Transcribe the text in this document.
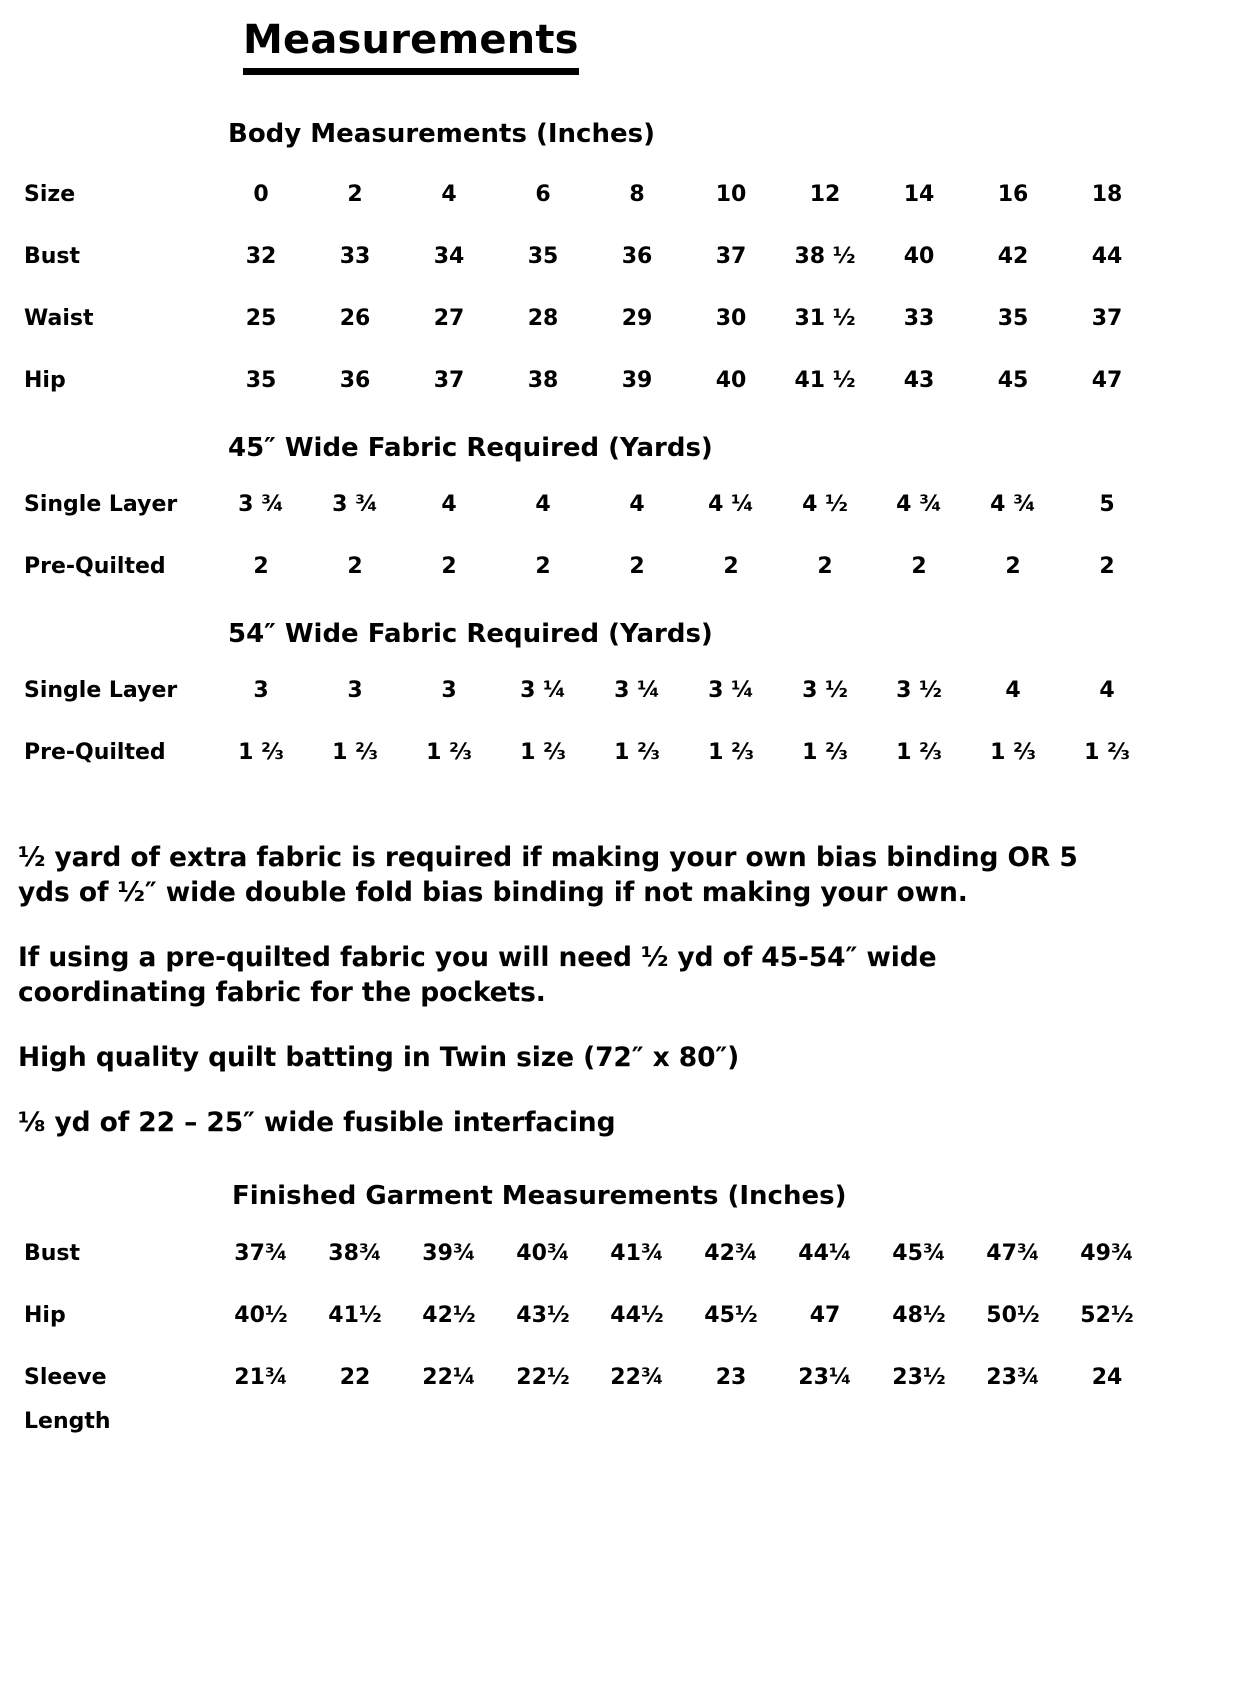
Measurements
Body Measurements (Inches)
Size	0	2	4	6	8	10	12	14	16	18
Bust	32	33	34	35	36	37	38 ½	40	42	44
Waist	25	26	27	28	29	30	31 ½	33	35	37
Hip	35	36	37	38	39	40	41 ½	43	45	47
45″ Wide Fabric Required (Yards)
Single Layer	3 ¾	3 ¾	4	4	4	4 ¼	4 ½	4 ¾	4 ¾	5
Pre-Quilted	2	2	2	2	2	2	2	2	2	2
54″ Wide Fabric Required (Yards)
Single Layer	3	3	3	3 ¼	3 ¼	3 ¼	3 ½	3 ½	4	4
Pre-Quilted	1 ⅔	1 ⅔	1 ⅔	1 ⅔	1 ⅔	1 ⅔	1 ⅔	1 ⅔	1 ⅔	1 ⅔

½ yard of extra fabric is required if making your own bias binding OR 5 yds of ½″ wide double fold bias binding if not making your own.

If using a pre-quilted fabric you will need ½ yd of 45-54″ wide coordinating fabric for the pockets.

High quality quilt batting in Twin size (72″ x 80″)

⅛ yd of 22 – 25″ wide fusible interfacing

Finished Garment Measurements (Inches)
Bust	37¾	38¾	39¾	40¾	41¾	42¾	44¼	45¾	47¾	49¾
Hip	40½	41½	42½	43½	44½	45½	47	48½	50½	52½
Sleeve	21¾	22	22¼	22½	22¾	23	23¼	23½	23¾	24
Length										
